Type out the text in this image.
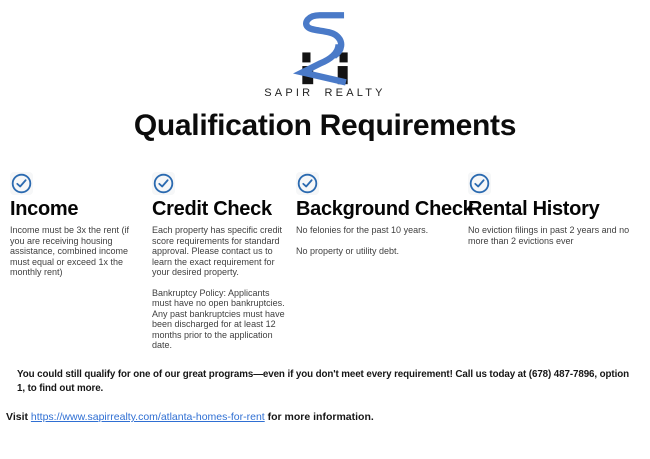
SAPIR REALTY
Qualification Requirements
Income

Income must be 3x the rent (if you are receiving housing assistance, combined income must equal or exceed 1x the monthly rent)

Credit Check

Each property has specific credit score requirements for standard approval. Please contact us to learn the exact requirement for your desired property.

Bankruptcy Policy: Applicants must have no open bankruptcies. Any past bankruptcies must have been discharged for at least 12 months prior to the application date.

Background Check

No felonies for the past 10 years.

No property or utility debt.

Rental History

No eviction filings in past 2 years and no more than 2 evictions ever

You could still qualify for one of our great programs—even if you don't meet every requirement! Call us today at (678) 487-7896, option 1, to find out more.

Visit https://www.sapirrealty.com/atlanta-homes-for-rent for more information.
